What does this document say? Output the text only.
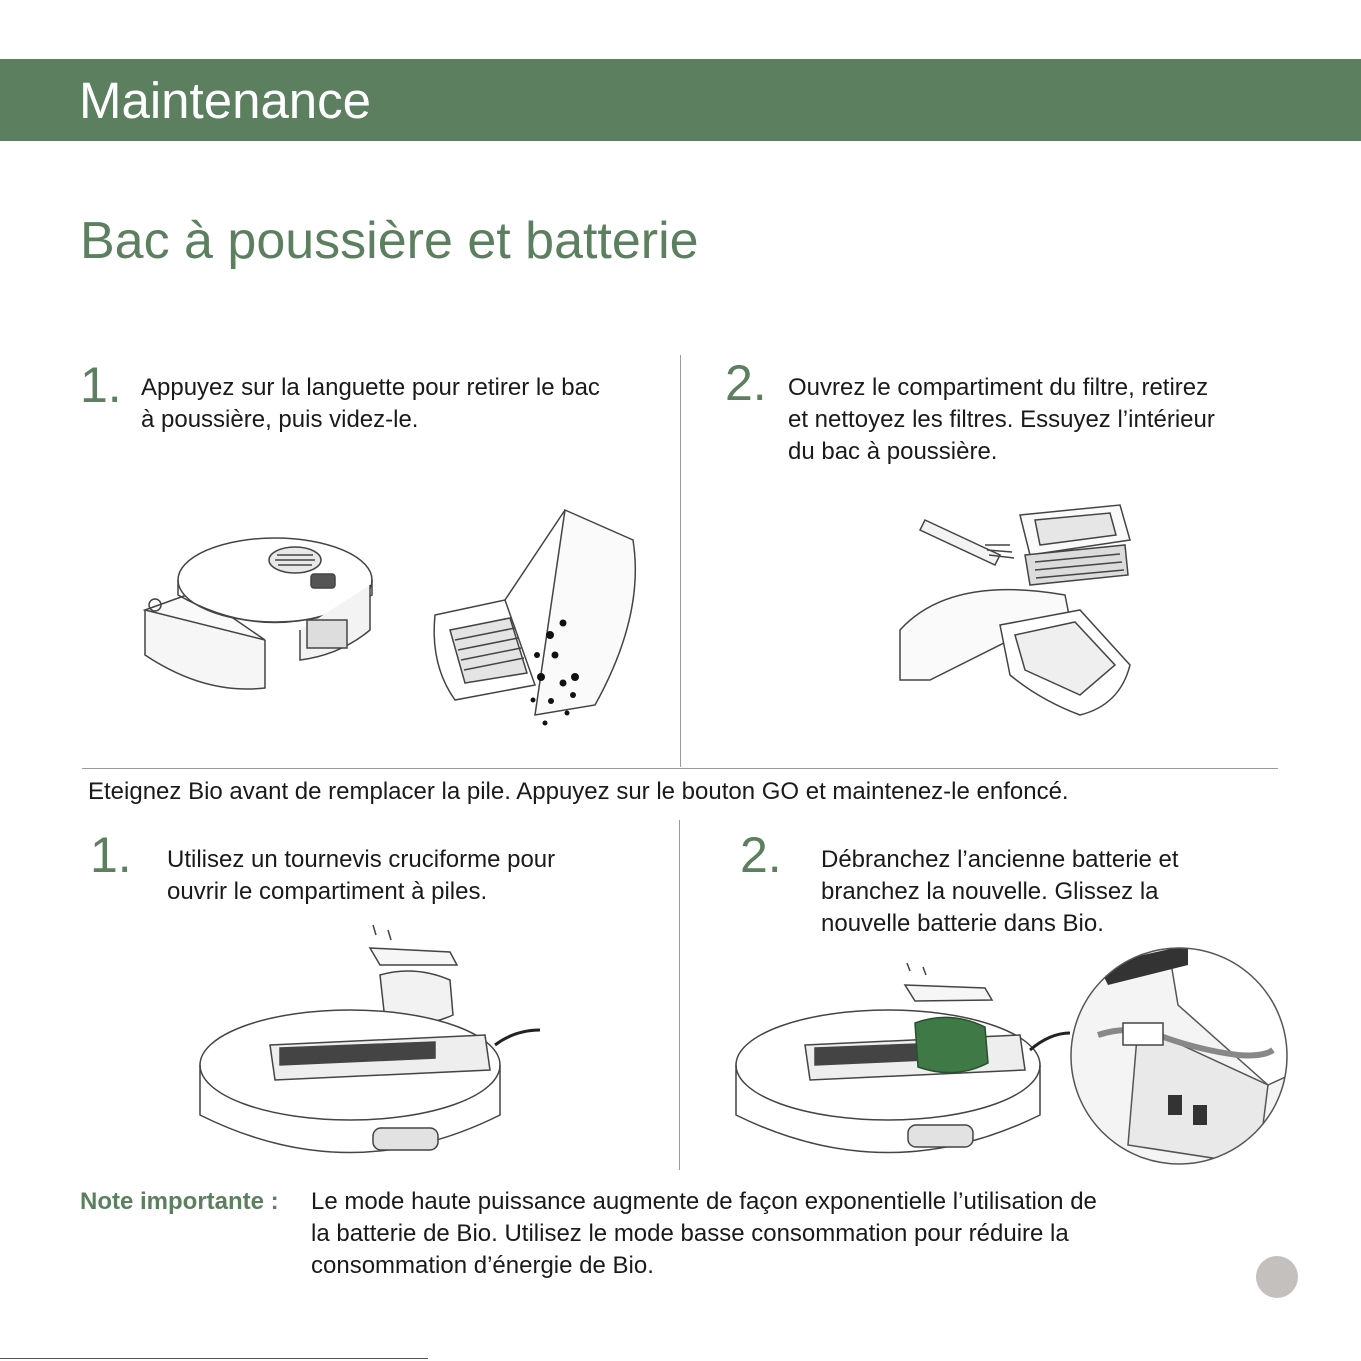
Maintenance
Bac à poussière et batterie
1. Appuyez sur la languette pour retirer le bac
à poussière, puis videz-le.
2. Ouvrez le compartiment du filtre, retirez
et nettoyez les filtres. Essuyez l’intérieur
du bac à poussière.
Eteignez Bio avant de remplacer la pile. Appuyez sur le bouton GO et maintenez-le enfoncé.
1. Utilisez un tournevis cruciforme pour
ouvrir le compartiment à piles.
2. Débranchez l’ancienne batterie et
branchez la nouvelle. Glissez la
nouvelle batterie dans Bio.
Note importante : Le mode haute puissance augmente de façon exponentielle l’utilisation de
la batterie de Bio. Utilisez le mode basse consommation pour réduire la
consommation d’énergie de Bio.
